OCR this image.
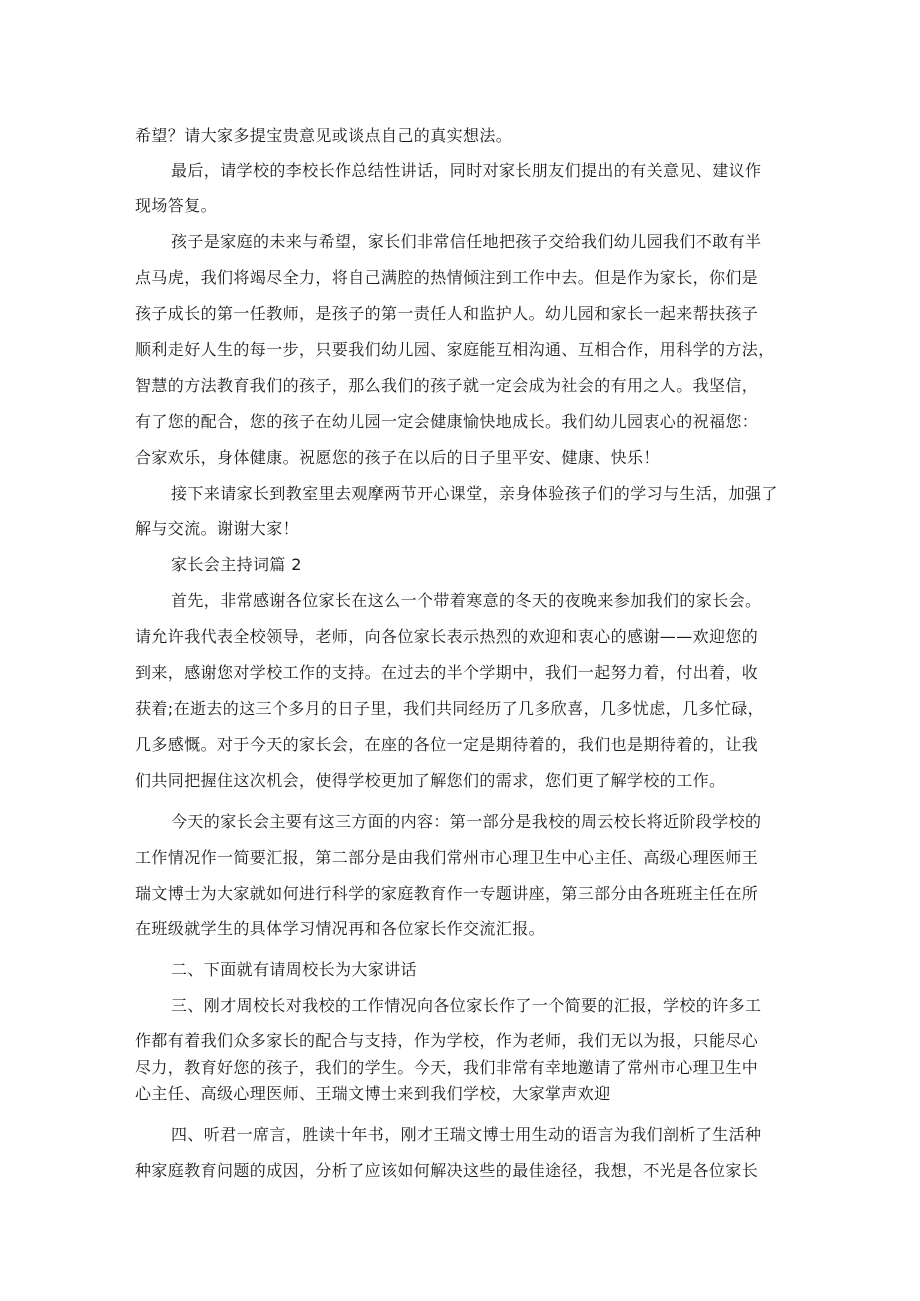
希望？请大家多提宝贵意见或谈点自己的真实想法。
最后，请学校的李校长作总结性讲话，同时对家长朋友们提出的有关意见、建议作
现场答复。
孩子是家庭的未来与希望，家长们非常信任地把孩子交给我们幼儿园我们不敢有半
点马虎，我们将竭尽全力，将自己满腔的热情倾注到工作中去。但是作为家长，你们是
孩子成长的第一任教师，是孩子的第一责任人和监护人。幼儿园和家长一起来帮扶孩子
顺利走好人生的每一步，只要我们幼儿园、家庭能互相沟通、互相合作，用科学的方法，
智慧的方法教育我们的孩子，那么我们的孩子就一定会成为社会的有用之人。我坚信，
有了您的配合，您的孩子在幼儿园一定会健康愉快地成长。我们幼儿园衷心的祝福您：
合家欢乐，身体健康。祝愿您的孩子在以后的日子里平安、健康、快乐！
接下来请家长到教室里去观摩两节开心课堂，亲身体验孩子们的学习与生活，加强了
解与交流。谢谢大家！
家长会主持词篇 2
首先，非常感谢各位家长在这么一个带着寒意的冬天的夜晚来参加我们的家长会。
请允许我代表全校领导，老师，向各位家长表示热烈的欢迎和衷心的感谢——欢迎您的
到来，感谢您对学校工作的支持。在过去的半个学期中，我们一起努力着，付出着，收
获着;在逝去的这三个多月的日子里，我们共同经历了几多欣喜，几多忧虑，几多忙碌，
几多感慨。对于今天的家长会，在座的各位一定是期待着的，我们也是期待着的，让我
们共同把握住这次机会，使得学校更加了解您们的需求，您们更了解学校的工作。
今天的家长会主要有这三方面的内容：第一部分是我校的周云校长将近阶段学校的
工作情况作一简要汇报，第二部分是由我们常州市心理卫生中心主任、高级心理医师王
瑞文博士为大家就如何进行科学的家庭教育作一专题讲座，第三部分由各班班主任在所
在班级就学生的具体学习情况再和各位家长作交流汇报。
二、下面就有请周校长为大家讲话
三、刚才周校长对我校的工作情况向各位家长作了一个简要的汇报，学校的许多工
作都有着我们众多家长的配合与支持，作为学校，作为老师，我们无以为报，只能尽心
尽力，教育好您的孩子，我们的学生。今天，我们非常有幸地邀请了常州市心理卫生中
心主任、高级心理医师、王瑞文博士来到我们学校，大家掌声欢迎
四、听君一席言，胜读十年书，刚才王瑞文博士用生动的语言为我们剖析了生活种
种家庭教育问题的成因，分析了应该如何解决这些的最佳途径，我想，不光是各位家长
